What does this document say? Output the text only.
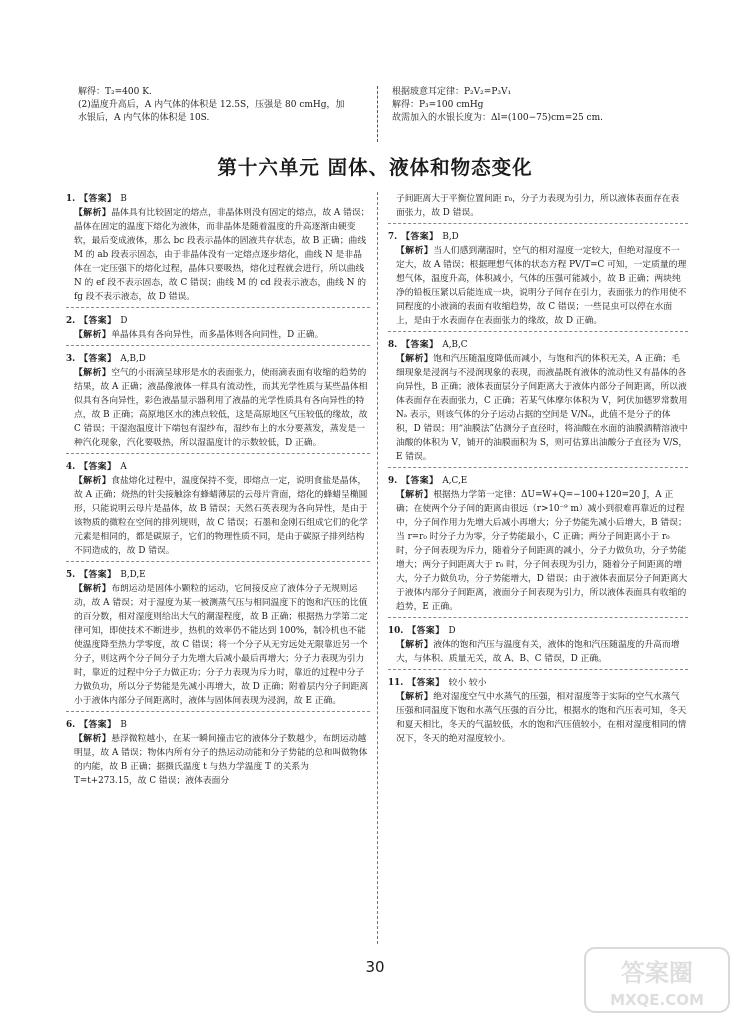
解得：T₂=400 K.
(2)温度升高后，A 内气体的体积是 12.5S，压强是 80 cmHg，加
水银后，A 内气体的体积是 10S.
根据玻意耳定律：P₂V₂=P₃V₁
解得：P₃=100 cmHg
故需加入的水银长度为：Δl=(100−75)cm=25 cm.
第十六单元 固体、液体和物态变化
1. 【答案】 B
【解析】晶体具有比较固定的熔点，非晶体则没有固定的熔点，故 A 错误；晶体在固定的温度下熔化为液体，而非晶体是随着温度的升高逐渐由硬变软，最后变成液体，那么 bc 段表示晶体的固液共存状态，故 B 正确；曲线 M 的 ab 段表示固态，由于非晶体没有一定熔点逐步熔化，曲线 N 是非晶体在一定压强下的熔化过程，晶体只要吸热，熔化过程就会进行，所以曲线 N 的 ef 段不表示固态，故 C 错误；曲线 M 的 cd 段表示液态，曲线 N 的 fg 段不表示液态，故 D 错误。
2. 【答案】 D
【解析】单晶体具有各向异性，而多晶体则各向同性，D 正确。
3. 【答案】 A,B,D
【解析】空气的小雨滴呈球形是水的表面张力，使雨滴表面有收缩的趋势的结果，故 A 正确；液晶像液体一样具有流动性，而其光学性质与某些晶体相似具有各向异性，彩色液晶显示器利用了液晶的光学性质具有各向异性的特点，故 B 正确；高原地区水的沸点较低，这是高原地区气压较低的缘故，故 C 错误；干湿泡温度计下端包有湿纱布，湿纱布上的水分要蒸发，蒸发是一种汽化现象，汽化要吸热，所以湿温度计的示数较低，D 正确。
4. 【答案】 A
【解析】食盐熔化过程中，温度保持不变，即熔点一定，说明食盐是晶体，故 A 正确；烧热的针尖接触涂有蜂蜡薄层的云母片背面，熔化的蜂蜡呈椭圆形，只能说明云母片是晶体，故 B 错误；天然石英表现为各向异性，是由于该物质的微粒在空间的排列规则，故 C 错误；石墨和金刚石组成它们的化学元素是相同的，都是碳原子，它们的物理性质不同，是由于碳原子排列结构不同造成的，故 D 错误。
5. 【答案】 B,D,E
【解析】布朗运动是固体小颗粒的运动，它间接反应了液体分子无规则运动，故 A 错误；对于湿度为某一被测蒸气压与相同温度下的饱和汽压的比值的百分数，相对湿度则给出大气的潮湿程度，故 B 正确；根据热力学第二定律可知，即使技术不断进步，热机的效率仍不能达到 100%，制冷机也不能使温度降至热力学零度，故 C 错误；将一个分子从无穷远处无限靠近另一个分子，则这两个分子间分子力先增大后减小最后再增大；分子力表现为引力时，靠近的过程中分子力做正功；分子力表现为斥力时，靠近的过程中分子力做负功，所以分子势能是先减小再增大，故 D 正确；附着层内分子间距离小于液体内部分子间距离时，液体与固体间表现为浸润，故 E 正确。
6. 【答案】 B
【解析】悬浮微粒越小，在某一瞬间撞击它的液体分子数越少，布朗运动越明显，故 A 错误；物体内所有分子的热运动动能和分子势能的总和叫做物体的内能，故 B 正确；据摄氏温度 t 与热力学温度 T 的关系为 T=t+273.15，故 C 错误；液体表面分
子间距离大于平衡位置间距 r₀，分子力表现为引力，所以液体表面存在表面张力，故 D 错误。
7. 【答案】 B,D
【解析】当人们感到潮湿时，空气的相对湿度一定较大，但绝对湿度不一定大，故 A 错误；根据理想气体的状态方程 PV/T=C 可知，一定质量的理想气体，温度升高，体积减小，气体的压强可能减小，故 B 正确；两块纯净的铅板压紧以后能连成一块，说明分子间存在引力，表面张力的作用使不同程度的小液滴的表面有收缩趋势，故 C 错误；一些昆虫可以停在水面上，是由于水表面存在表面张力的缘故，故 D 正确。
8. 【答案】 A,B,C
【解析】饱和汽压随温度降低而减小，与饱和汽的体积无关，A 正确；毛细现象是浸润与不浸润现象的表现，而液晶既有液体的流动性又有晶体的各向异性，B 正确；液体表面层分子间距离大于液体内部分子间距离，所以液体表面存在表面张力，C 正确；若某气体摩尔体积为 V，阿伏加德罗常数用 Nₐ 表示，则该气体的分子运动占据的空间是 V/Nₐ，此值不是分子的体积，D 错误；用“油膜法”估测分子直径时，将油酸在水面的油膜酒精溶液中油酸的体积为 V，铺开的油膜面积为 S，则可估算出油酸分子直径为 V/S，E 错误。
9. 【答案】 A,C,E
【解析】根据热力学第一定律：ΔU=W+Q=−100+120=20 J，A 正确；在使两个分子间的距离由很远（r>10⁻⁹ m）减小到很难再靠近的过程中，分子间作用力先增大后减小再增大；分子势能先减小后增大，B 错误；当 r=r₀ 时分子力为零，分子势能最小，C 正确；两分子间距离小于 r₀ 时，分子间表现为斥力，随着分子间距离的减小，分子力做负功，分子势能增大；两分子间距离大于 r₀ 时，分子间表现为引力，随着分子间距离的增大，分子力做负功，分子势能增大，D 错误；由于液体表面层分子间距离大于液体内部分子间距离，液面分子间表现为引力，所以液体表面具有收缩的趋势，E 正确。
10. 【答案】 D
【解析】液体的饱和汽压与温度有关，液体的饱和汽压随温度的升高而增大，与体积、质量无关，故 A、B、C 错误，D 正确。
11. 【答案】 较小 较小
【解析】绝对湿度空气中水蒸气的压强，相对湿度等于实际的空气水蒸气压强和同温度下饱和水蒸气压强的百分比，根据水的饱和汽压表可知，冬天和夏天相比，冬天的气温较低，水的饱和汽压值较小，在相对湿度相同的情况下，冬天的绝对湿度较小。
30	答案圈
MXQE.COM
